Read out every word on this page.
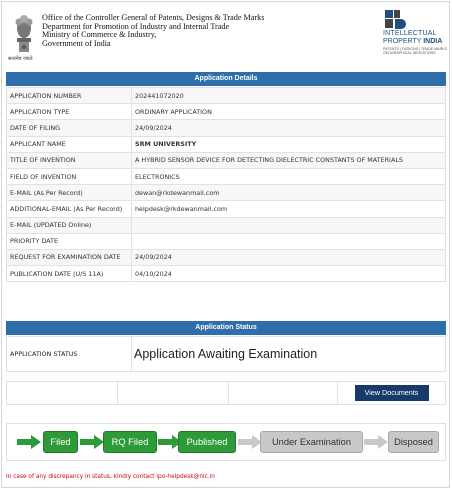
सत्यमेव जयते
Office of the Controller General of Patents, Designs & Trade Marks
Department for Promotion of Industry and Internal Trade
Ministry of Commerce & Industry,
Government of India
INTELLECTUAL
PROPERTY INDIA
PATENTS | DESIGNS | TRADE MARKS GEOGRAPHICAL INDICATIONS
Application Details
APPLICATION NUMBER	202441072020
APPLICATION TYPE	ORDINARY APPLICATION
DATE OF FILING	24/09/2024
APPLICANT NAME	SRM UNIVERSITY
TITLE OF INVENTION	A HYBRID SENSOR DEVICE FOR DETECTING DIELECTRIC CONSTANTS OF MATERIALS
FIELD OF INVENTION	ELECTRONICS
E-MAIL (As Per Record)	dewan@rkdewanmail.com
ADDITIONAL-EMAIL (As Per Record)	helpdesk@rkdewanmail.com
E-MAIL (UPDATED Online)	
PRIORITY DATE	
REQUEST FOR EXAMINATION DATE	24/09/2024
PUBLICATION DATE (U/S 11A)	04/10/2024
Application Status
APPLICATION STATUS	Application Awaiting Examination
View Documents
Filed	RQ Filed	Published	Under Examination	Disposed
In case of any discrepancy in status, kindly contact ipo-helpdesk@nic.in
